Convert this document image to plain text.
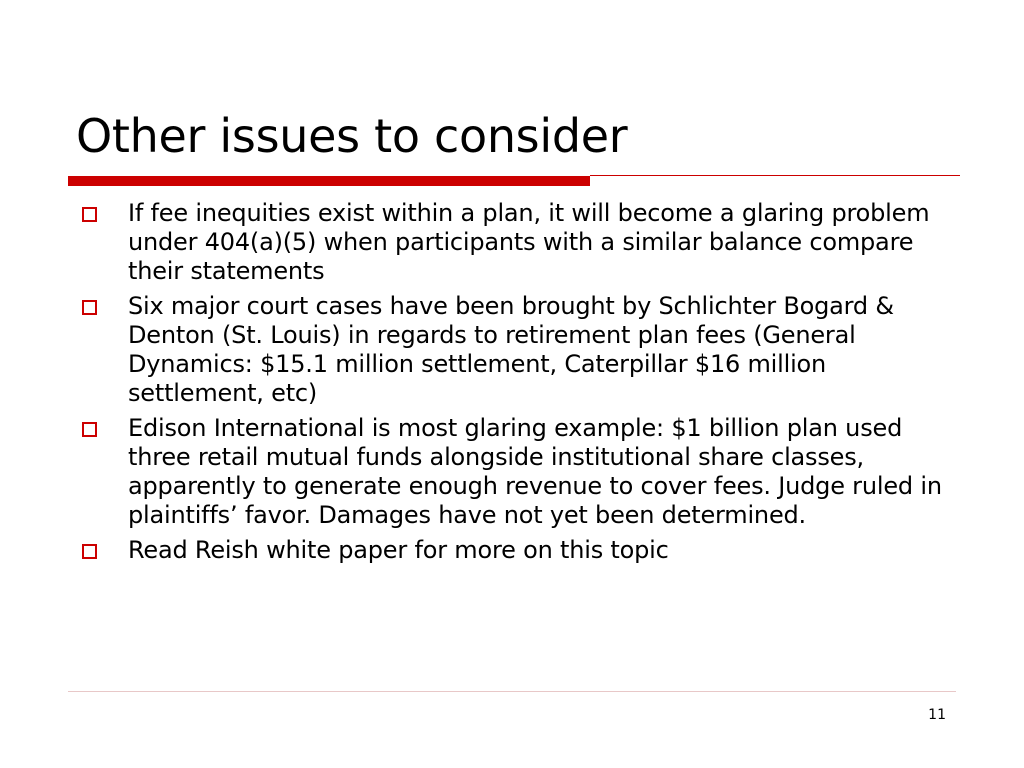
Other issues to consider
If fee inequities exist within a plan, it will become a glaring problem under 404(a)(5) when participants with a similar balance compare their statements
Six major court cases have been brought by Schlichter Bogard & Denton (St. Louis) in regards to retirement plan fees (General Dynamics: $15.1 million settlement, Caterpillar $16 million settlement, etc)
Edison International is most glaring example: $1 billion plan used three retail mutual funds alongside institutional share classes, apparently to generate enough revenue to cover fees. Judge ruled in plaintiffs’ favor. Damages have not yet been determined.
Read Reish white paper for more on this topic
11
